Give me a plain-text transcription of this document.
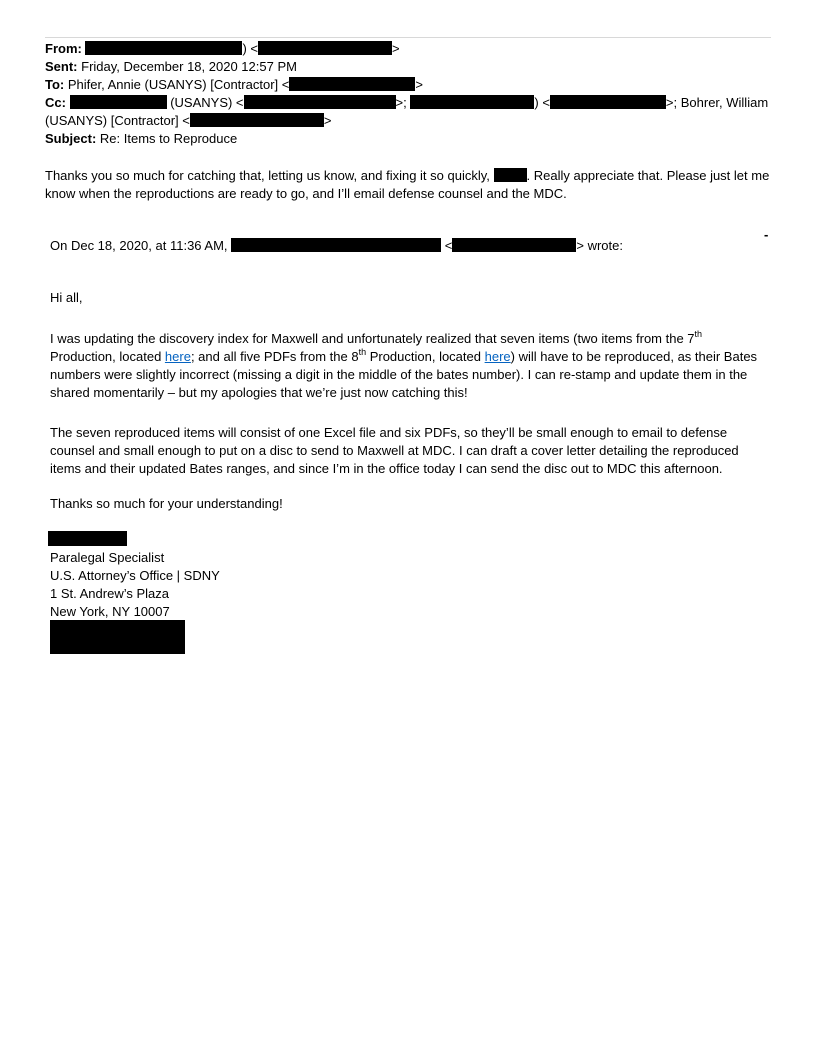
From:	) <	>
Sent: Friday, December 18, 2020 12:57 PM
To: Phifer, Annie (USANYS) [Contractor] <	>
Cc:	(USANYS) <	>;	) <	>; Bohrer, William (USANYS) [Contractor] <	>
Subject: Re: Items to Reproduce
Thanks you so much for catching that, letting us know, and fixing it so quickly,	. Really appreciate that. Please just let me know when the reproductions are ready to go, and I’ll email defense counsel and the MDC.
-
On Dec 18, 2020, at 11:36 AM,	<	> wrote:
Hi all,
I was updating the discovery index for Maxwell and unfortunately realized that seven items (two items from the 7th Production, located here; and all five PDFs from the 8th Production, located here) will have to be reproduced, as their Bates numbers were slightly incorrect (missing a digit in the middle of the bates number). I can re-stamp and update them in the shared momentarily – but my apologies that we’re just now catching this!
The seven reproduced items will consist of one Excel file and six PDFs, so they’ll be small enough to email to defense counsel and small enough to put on a disc to send to Maxwell at MDC. I can draft a cover letter detailing the reproduced items and their updated Bates ranges, and since I’m in the office today I can send the disc out to MDC this afternoon.
Thanks so much for your understanding!
Paralegal Specialist
U.S. Attorney’s Office | SDNY
1 St. Andrew’s Plaza
New York, NY 10007
